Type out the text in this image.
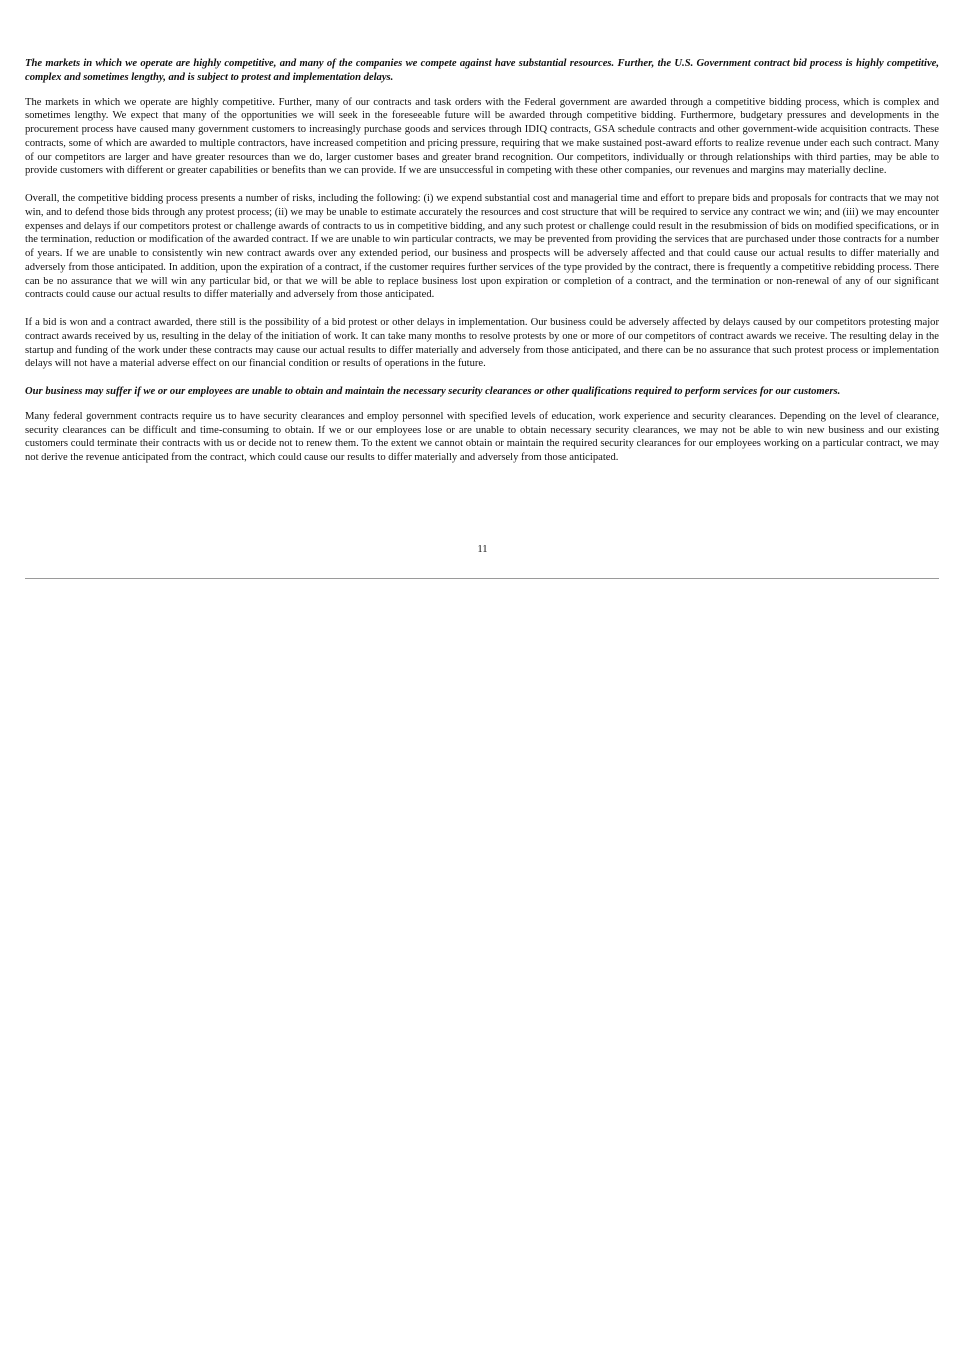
The markets in which we operate are highly competitive, and many of the companies we compete against have substantial resources. Further, the U.S. Government contract bid process is highly competitive, complex and sometimes lengthy, and is subject to protest and implementation delays.

The markets in which we operate are highly competitive. Further, many of our contracts and task orders with the Federal government are awarded through a competitive bidding process, which is complex and sometimes lengthy. We expect that many of the opportunities we will seek in the foreseeable future will be awarded through competitive bidding. Furthermore, budgetary pressures and developments in the procurement process have caused many government customers to increasingly purchase goods and services through IDIQ contracts, GSA schedule contracts and other government-wide acquisition contracts. These contracts, some of which are awarded to multiple contractors, have increased competition and pricing pressure, requiring that we make sustained post-award efforts to realize revenue under each such contract. Many of our competitors are larger and have greater resources than we do, larger customer bases and greater brand recognition. Our competitors, individually or through relationships with third parties, may be able to provide customers with different or greater capabilities or benefits than we can provide. If we are unsuccessful in competing with these other companies, our revenues and margins may materially decline.

Overall, the competitive bidding process presents a number of risks, including the following: (i) we expend substantial cost and managerial time and effort to prepare bids and proposals for contracts that we may not win, and to defend those bids through any protest process; (ii) we may be unable to estimate accurately the resources and cost structure that will be required to service any contract we win; and (iii) we may encounter expenses and delays if our competitors protest or challenge awards of contracts to us in competitive bidding, and any such protest or challenge could result in the resubmission of bids on modified specifications, or in the termination, reduction or modification of the awarded contract. If we are unable to win particular contracts, we may be prevented from providing the services that are purchased under those contracts for a number of years. If we are unable to consistently win new contract awards over any extended period, our business and prospects will be adversely affected and that could cause our actual results to differ materially and adversely from those anticipated. In addition, upon the expiration of a contract, if the customer requires further services of the type provided by the contract, there is frequently a competitive rebidding process. There can be no assurance that we will win any particular bid, or that we will be able to replace business lost upon expiration or completion of a contract, and the termination or non-renewal of any of our significant contracts could cause our actual results to differ materially and adversely from those anticipated.

If a bid is won and a contract awarded, there still is the possibility of a bid protest or other delays in implementation. Our business could be adversely affected by delays caused by our competitors protesting major contract awards received by us, resulting in the delay of the initiation of work. It can take many months to resolve protests by one or more of our competitors of contract awards we receive. The resulting delay in the startup and funding of the work under these contracts may cause our actual results to differ materially and adversely from those anticipated, and there can be no assurance that such protest process or implementation delays will not have a material adverse effect on our financial condition or results of operations in the future.

Our business may suffer if we or our employees are unable to obtain and maintain the necessary security clearances or other qualifications required to perform services for our customers.

Many federal government contracts require us to have security clearances and employ personnel with specified levels of education, work experience and security clearances. Depending on the level of clearance, security clearances can be difficult and time-consuming to obtain. If we or our employees lose or are unable to obtain necessary security clearances, we may not be able to win new business and our existing customers could terminate their contracts with us or decide not to renew them. To the extent we cannot obtain or maintain the required security clearances for our employees working on a particular contract, we may not derive the revenue anticipated from the contract, which could cause our results to differ materially and adversely from those anticipated.

11
